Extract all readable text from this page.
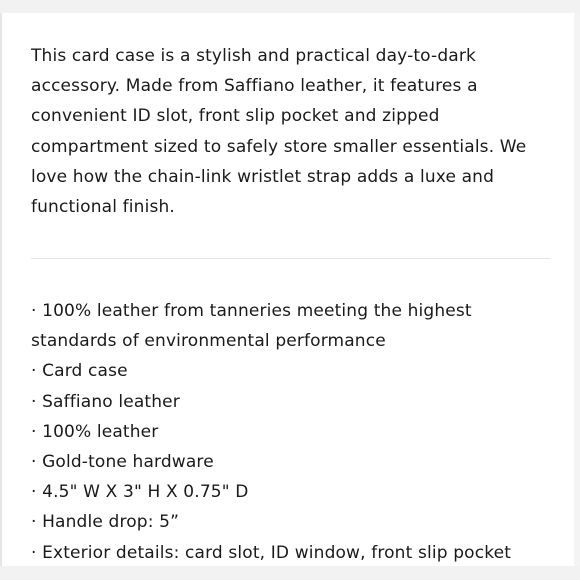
This card case is a stylish and practical day-to-dark accessory. Made from Saffiano leather, it features a convenient ID slot, front slip pocket and zipped compartment sized to safely store smaller essentials. We love how the chain-link wristlet strap adds a luxe and functional finish.

· 100% leather from tanneries meeting the highest standards of environmental performance
· Card case
· Saffiano leather
· 100% leather
· Gold-tone hardware
· 4.5" W X 3" H X 0.75" D
· Handle drop: 5”
· Exterior details: card slot, ID window, front slip pocket
